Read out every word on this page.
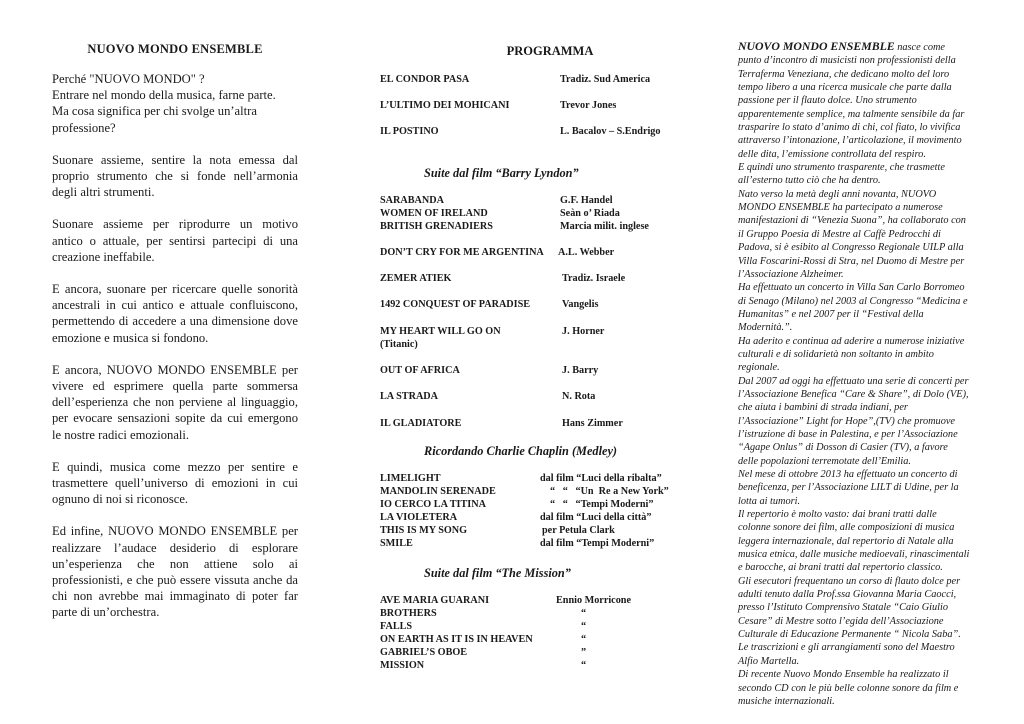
NUOVO MONDO ENSEMBLE

Perché "NUOVO MONDO" ?
Entrare nel mondo della musica, farne parte.
Ma cosa significa per chi svolge un’altra professione?

Suonare assieme, sentire la nota emessa dal proprio strumento che si fonde nell’armonia degli altri strumenti.

Suonare assieme per riprodurre un motivo antico o attuale, per sentirsi partecipi di una creazione ineffabile.

E ancora, suonare per ricercare quelle sonorità ancestrali in cui antico e attuale confluiscono, permettendo di accedere a una dimensione dove emozione e musica si fondono.

E ancora, NUOVO MONDO ENSEMBLE per vivere ed esprimere quella parte sommersa dell’esperienza che non perviene al linguaggio, per evocare sensazioni sopite da cui emergono le nostre radici emozionali.

E quindi, musica come mezzo per sentire e trasmettere quell’universo di emozioni in cui ognuno di noi si riconosce.

Ed infine, NUOVO MONDO ENSEMBLE per realizzare l’audace desiderio di esplorare un’esperienza che non attiene solo ai professionisti, e che può essere vissuta anche da chi non avrebbe mai immaginato di poter far parte di un’orchestra.

PROGRAMMA
EL CONDOR PASA	Tradiz. Sud America
L’ULTIMO DEI MOHICANI	Trevor Jones
IL POSTINO	L. Bacalov – S.Endrigo
Suite dal film “Barry Lyndon”
SARABANDA	G.F. Handel
WOMEN OF IRELAND	Seàn o’ Riada
BRITISH GRENADIERS	Marcia milit. inglese
DON’T CRY FOR ME ARGENTINA A.L. Webber
ZEMER ATIEK	Tradiz. Israele
1492 CONQUEST OF PARADISE	Vangelis
MY HEART WILL GO ON	J. Horner
(Titanic)
OUT OF AFRICA	J. Barry
LA STRADA	N. Rota
IL GLADIATORE	Hans Zimmer
Ricordando Charlie Chaplin (Medley)
LIMELIGHT	dal film “Luci della ribalta”
MANDOLIN SERENADE	“   “   “Un  Re a New York”
IO CERCO LA TITINA	“   “   “Tempi Moderni”
LA VIOLETERA	dal film “Luci della città”
THIS IS MY SONG	per Petula Clark
SMILE	dal film “Tempi Moderni”
Suite dal film “The Mission”
AVE MARIA GUARANI	Ennio Morricone
BROTHERS	“
FALLS	“
ON EARTH AS IT IS IN HEAVEN	“
GABRIEL’S OBOE	”
MISSION	“
NUOVO MONDO ENSEMBLE nasce come
punto d’incontro di musicisti non professionisti della
Terraferma Veneziana, che dedicano molto del loro
tempo libero a una ricerca musicale che parte dalla
passione per il flauto dolce. Uno strumento
apparentemente semplice, ma talmente sensibile da far
trasparire lo stato d’animo di chi, col fiato, lo vivifica
attraverso l’intonazione, l’articolazione, il movimento
delle dita, l’emissione controllata del respiro.
E quindi uno strumento trasparente, che trasmette
all’esterno tutto ciò che ha dentro.
Nato verso la metà degli anni novanta, NUOVO
MONDO ENSEMBLE ha partecipato a numerose
manifestazioni di “Venezia Suona”, ha collaborato con
il Gruppo Poesia di Mestre al Caffè Pedrocchi di
Padova, si è esibito al Congresso Regionale UILP alla
Villa Foscarini-Rossi di Stra, nel Duomo di Mestre per
l’Associazione Alzheimer.
Ha effettuato un concerto in Villa San Carlo Borromeo
di Senago (Milano) nel 2003 al Congresso “Medicina e
Humanitas” e nel 2007 per il “Festival della
Modernità.”.
Ha aderito e continua ad aderire a numerose iniziative
culturali e di solidarietà non soltanto in ambito
regionale.
Dal 2007 ad oggi ha effettuato una serie di concerti per
l’Associazione Benefica “Care & Share”, di Dolo (VE),
che aiuta i bambini di strada indiani, per
l’Associazione” Light for Hope”,(TV) che promuove
l’istruzione di base in Palestina, e per l’Associazione
“Agape Onlus” di Dosson di Casier (TV), a favore
delle popolazioni terremotate dell’Emilia.
Nel mese di ottobre 2013 ha effettuato un concerto di
beneficenza, per l’Associazione LILT di Udine, per la
lotta ai tumori.
Il repertorio è molto vasto: dai brani tratti dalle
colonne sonore dei film, alle composizioni di musica
leggera internazionale, dal repertorio di Natale alla
musica etnica, dalle musiche medioevali, rinascimentali
e barocche, ai brani tratti dal repertorio classico.
Gli esecutori frequentano un corso di flauto dolce per
adulti tenuto dalla Prof.ssa Giovanna Maria Caocci,
presso l’Istituto Comprensivo Statale “Caio Giulio
Cesare” di Mestre sotto l’egida dell’Associazione
Culturale di Educazione Permanente “ Nicola Saba”.
Le trascrizioni e gli arrangiamenti sono del Maestro
Alfio Martella.
Di recente Nuovo Mondo Ensemble ha realizzato il
secondo CD con le più belle colonne sonore da film e
musiche internazionali.
